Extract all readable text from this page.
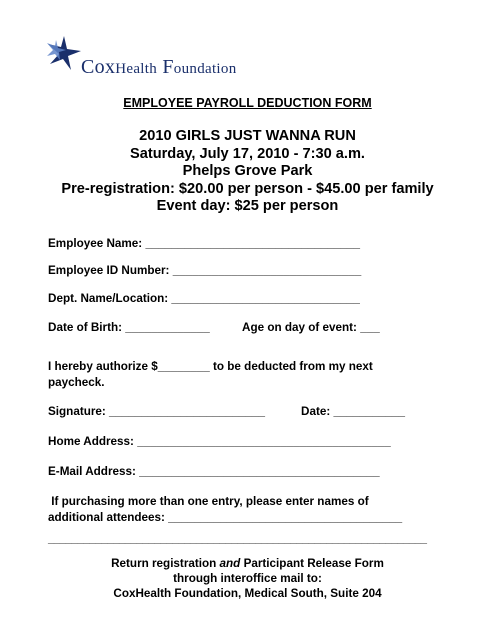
CoxHealth Foundation
EMPLOYEE PAYROLL DEDUCTION FORM
2010 GIRLS JUST WANNA RUN
Saturday, July 17, 2010 - 7:30 a.m.
Phelps Grove Park
Pre-registration: $20.00 per person - $45.00 per family
Event day: $25 per person
Employee Name: _________________________________
Employee ID Number: _____________________________
Dept. Name/Location: _____________________________
Date of Birth: _____________	Age on day of event: ___
I hereby authorize $________ to be deducted from my next
paycheck.
Signature: ________________________	Date: ___________
Home Address: _______________________________________
E-Mail Address: _____________________________________
If purchasing more than one entry, please enter names of
additional attendees: ____________________________________
________________________________________________________________
Return registration and Participant Release Form
through interoffice mail to:
CoxHealth Foundation, Medical South, Suite 204
